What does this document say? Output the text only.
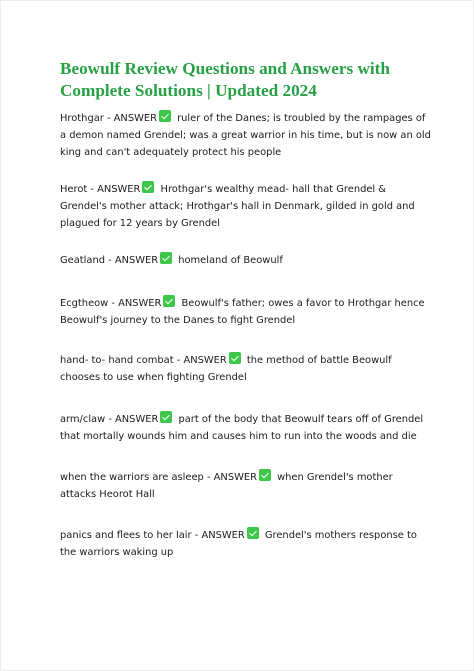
Beowulf Review Questions and Answers with Complete Solutions | Updated 2024

Hrothgar - ANSWER ruler of the Danes; is troubled by the rampages of a demon named Grendel; was a great warrior in his time, but is now an old king and can't adequately protect his people

Herot - ANSWER Hrothgar's wealthy mead- hall that Grendel & Grendel's mother attack; Hrothgar's hall in Denmark, gilded in gold and plagued for 12 years by Grendel

Geatland - ANSWER homeland of Beowulf

Ecgtheow - ANSWER Beowulf's father; owes a favor to Hrothgar hence Beowulf's journey to the Danes to fight Grendel

hand- to- hand combat - ANSWER the method of battle Beowulf chooses to use when fighting Grendel

arm/claw - ANSWER part of the body that Beowulf tears off of Grendel that mortally wounds him and causes him to run into the woods and die

when the warriors are asleep - ANSWER when Grendel's mother attacks Heorot Hall

panics and flees to her lair - ANSWER Grendel's mothers response to the warriors waking up
